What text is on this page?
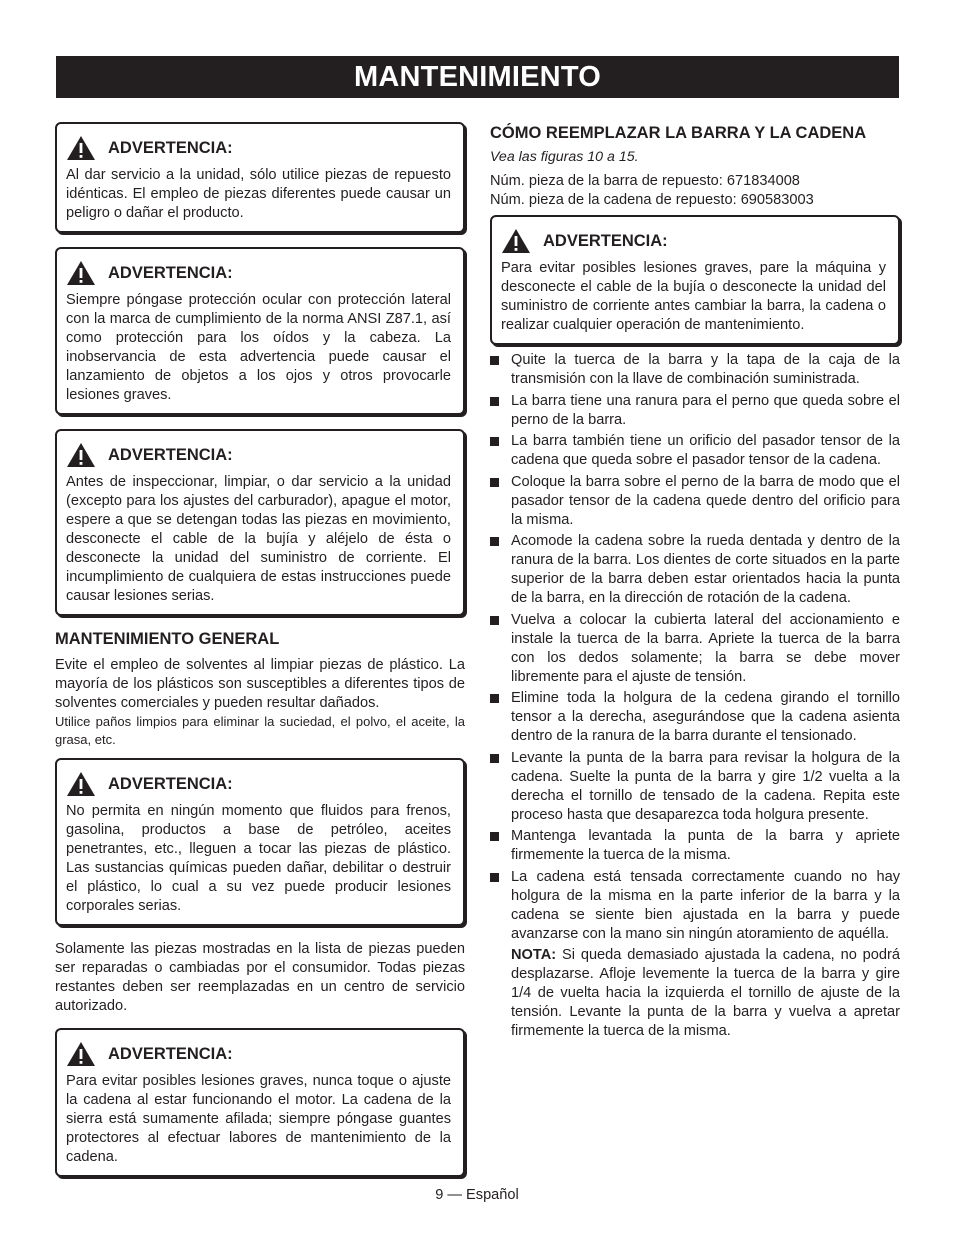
MANTENIMIENTO
ADVERTENCIA:

Al dar servicio a la unidad, sólo utilice piezas de repuesto idénticas. El empleo de piezas diferentes puede causar un peligro o dañar el producto.

ADVERTENCIA:

Siempre póngase protección ocular con protección lateral con la marca de cumplimiento de la norma ANSI Z87.1, así como protección para los oídos y la cabeza. La inobservancia de esta advertencia puede causar el lanzamiento de objetos a los ojos y otros provocarle lesiones graves.

ADVERTENCIA:

Antes de inspeccionar, limpiar, o dar servicio a la unidad (excepto para los ajustes del carburador), apague el motor, espere a que se detengan todas las piezas en movimiento, desconecte el cable de la bujía y aléjelo de ésta o desconecte la unidad del suministro de corriente. El incumplimiento de cualquiera de estas instrucciones puede causar lesiones serias.

MANTENIMIENTO GENERAL

Evite el empleo de solventes al limpiar piezas de plástico. La mayoría de los plásticos son susceptibles a diferentes tipos de solventes comerciales y pueden resultar dañados.

Utilice paños limpios para eliminar la suciedad, el polvo, el aceite, la grasa, etc.

ADVERTENCIA:

No permita en ningún momento que fluidos para frenos, gasolina, productos a base de petróleo, aceites penetrantes, etc., lleguen a tocar las piezas de plástico. Las sustancias químicas pueden dañar, debilitar o destruir el plástico, lo cual a su vez puede producir lesiones corporales serias.

Solamente las piezas mostradas en la lista de piezas pueden ser reparadas o cambiadas por el consumidor. Todas piezas restantes deben ser reemplazadas en un centro de servicio autorizado.

ADVERTENCIA:

Para evitar posibles lesiones graves, nunca toque o ajuste la cadena al estar funcionando el motor. La cadena de la sierra está sumamente afilada; siempre póngase guantes protectores al efectuar labores de mantenimiento de la cadena.

CÓMO REEMPLAZAR LA BARRA Y LA CADENA

Vea las figuras 10 a 15.

Núm. pieza de la barra de repuesto: 671834008

Núm. pieza de la cadena de repuesto: 690583003

ADVERTENCIA:

Para evitar posibles lesiones graves, pare la máquina y desconecte el cable de la bujía o desconecte la unidad del suministro de corriente antes cambiar la barra, la cadena o realizar cualquier operación de mantenimiento.

Quite la tuerca de la barra y la tapa de la caja de la transmisión con la llave de combinación suministrada.
La barra tiene una ranura para el perno que queda sobre el perno de la barra.
La barra también tiene un orificio del pasador tensor de la cadena que queda sobre el pasador tensor de la cadena.
Coloque la barra sobre el perno de la barra de modo que el pasador tensor de la cadena quede dentro del orificio para la misma.
Acomode la cadena sobre la rueda dentada y dentro de la ranura de la barra. Los dientes de corte situados en la parte superior de la barra deben estar orientados hacia la punta de la barra, en la dirección de rotación de la cadena.
Vuelva a colocar la cubierta lateral del accionamiento e instale la tuerca de la barra. Apriete la tuerca de la barra con los dedos solamente; la barra se debe mover libremente para el ajuste de tensión.
Elimine toda la holgura de la cedena girando el tornillo tensor a la derecha, asegurándose que la cadena asienta dentro de la ranura de la barra durante el tensionado.
Levante la punta de la barra para revisar la holgura de la cadena. Suelte la punta de la barra y gire 1/2 vuelta a la derecha el tornillo de tensado de la cadena. Repita este proceso hasta que desaparezca toda holgura presente.
Mantenga levantada la punta de la barra y apriete firmemente la tuerca de la misma.
La cadena está tensada correctamente cuando no hay holgura de la misma en la parte inferior de la barra y la cadena se siente bien ajustada en la barra y puede avanzarse con la mano sin ningún atoramiento de aquélla.

NOTA: Si queda demasiado ajustada la cadena, no podrá desplazarse. Afloje levemente la tuerca de la barra y gire 1/4 de vuelta hacia la izquierda el tornillo de ajuste de la tensión. Levante la punta de la barra y vuelva a apretar firmemente la tuerca de la misma.

9 — Español
